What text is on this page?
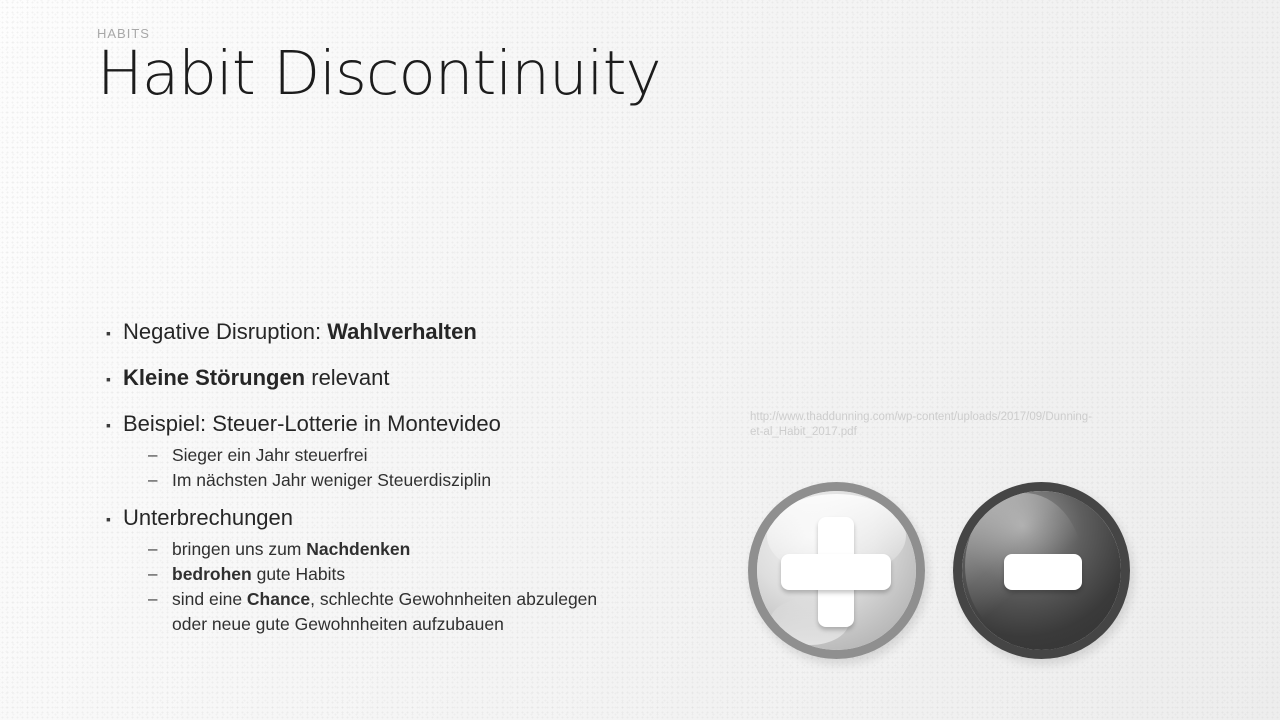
HABITS
Habit Discontinuity
▪ Negative Disruption: Wahlverhalten
▪ Kleine Störungen relevant
▪ Beispiel: Steuer-Lotterie in Montevideo
– Sieger ein Jahr steuerfrei
– Im nächsten Jahr weniger Steuerdisziplin
▪ Unterbrechungen
– bringen uns zum Nachdenken
– bedrohen gute Habits
– sind eine Chance, schlechte Gewohnheiten abzulegen oder neue gute Gewohnheiten aufzubauen
http://www.thaddunning.com/wp-content/uploads/2017/09/Dunning-
et-al_Habit_2017.pdf
